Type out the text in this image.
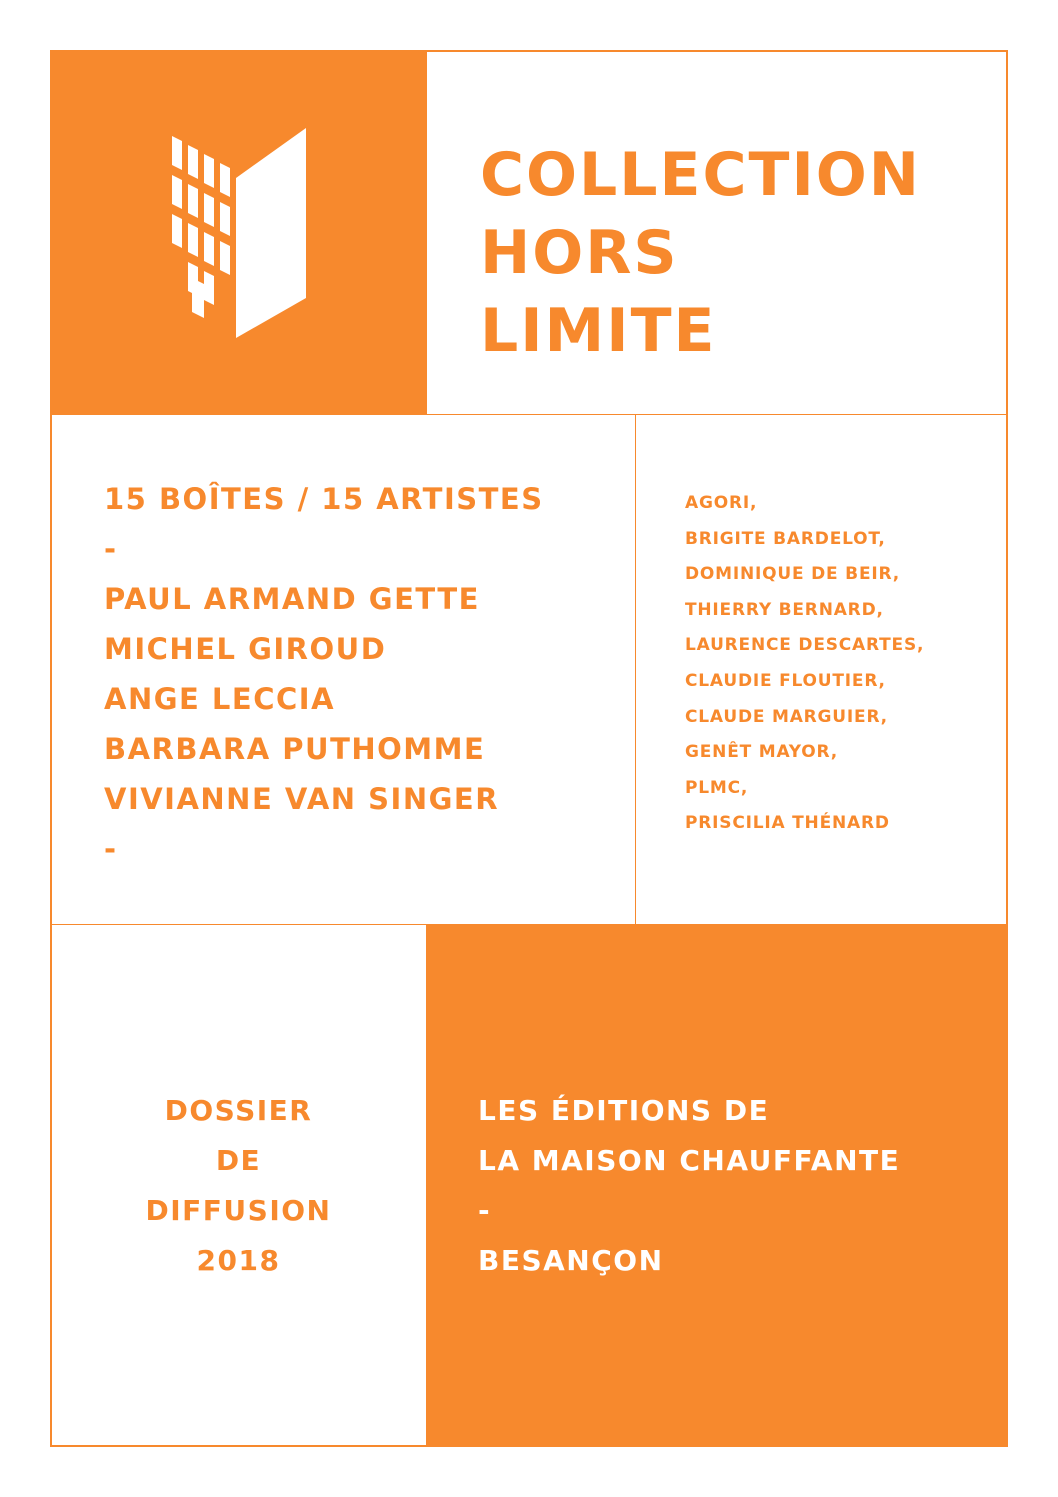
COLLECTION
HORS
LIMITE
15 BOÎTES / 15 ARTISTES
-
PAUL ARMAND GETTE
MICHEL GIROUD
ANGE LECCIA
BARBARA PUTHOMME
VIVIANNE VAN SINGER
-
AGORI,
BRIGITE BARDELOT,
DOMINIQUE DE BEIR,
THIERRY BERNARD,
LAURENCE DESCARTES,
CLAUDIE FLOUTIER,
CLAUDE MARGUIER,
GENÊT MAYOR,
PLMC,
PRISCILIA THÉNARD
DOSSIER
DE
DIFFUSION
2018
LES ÉDITIONS DE
LA MAISON CHAUFFANTE
-
BESANÇON
